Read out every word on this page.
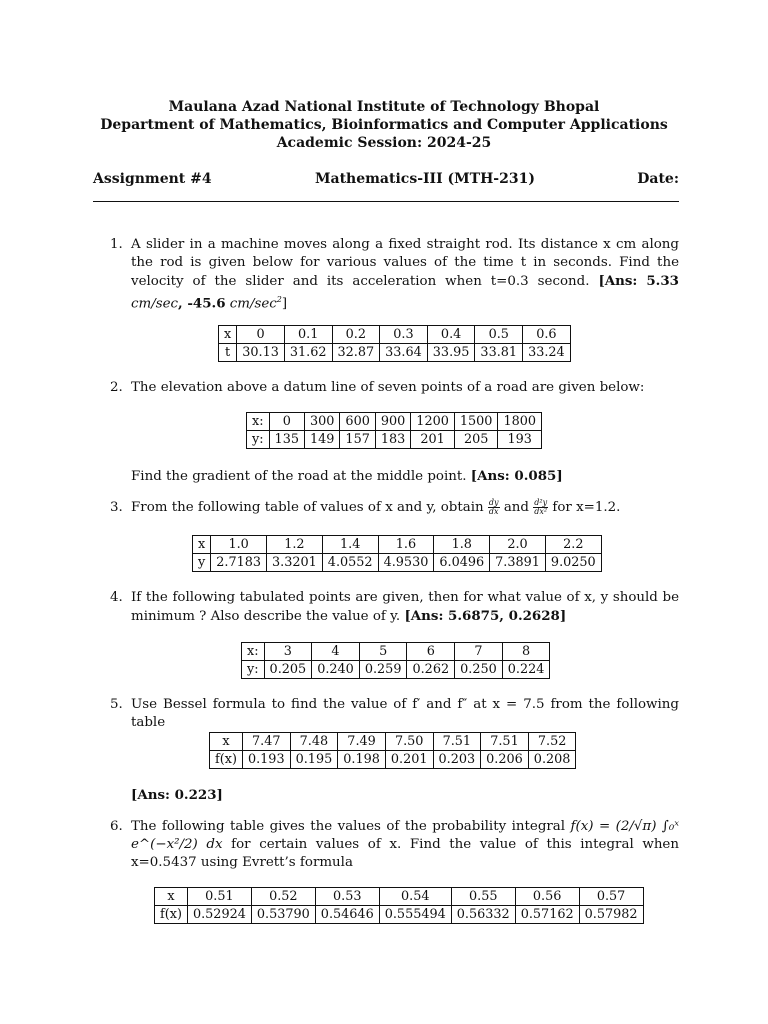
Maulana Azad National Institute of Technology Bhopal
Department of Mathematics, Bioinformatics and Computer Applications
Academic Session: 2024-25
Assignment #4	Mathematics-III (MTH-231)	Date:
1. A slider in a machine moves along a fixed straight rod. Its distance x cm along the rod is given below for various values of the time t in seconds. Find the velocity of the slider and its acceleration when t=0.3 second. [Ans: 5.33 cm/sec, -45.6 $cm/\sec^2$]
x	0	0.1	0.2	0.3	0.4	0.5	0.6
t	30.13	31.62	32.87	33.64	33.95	33.81	33.24
2. The elevation above a datum line of seven points of a road are given below:
x:	0	300	600	900	1200	1500	1800
y:	135	149	157	183	201	205	193
Find the gradient of the road at the middle point. [Ans: 0.085]
3. From the following table of values of x and y, obtain $\frac{dy}{dx}$ and $\frac{\text{d²y}}{\text{dx²}}$ for x=1.2.
x	1.0	1.2	1.4	1.6	1.8	2.0	2.2
y	2.7183	3.3201	4.0552	4.9530	6.0496	7.3891	9.0250
4. If the following tabulated points are given, then for what value of x, y should be minimum ? Also describe the value of y. [Ans: 5.6875, 0.2628]
x:	3	4	5	6	7	8
y:	0.205	0.240	0.259	0.262	0.250	0.224
5. Use Bessel formula to find the value of f′ and f″ at x = 7.5 from the following table
x	7.47	7.48	7.49	7.50	7.51	7.51	7.52
f(x)	0.193	0.195	0.198	0.201	0.203	0.206	0.208
[Ans: 0.223]
6. The following table gives the values of the probability integral f(x) = (2/√π) ∫₀ˣ e^(−x²/2) dx for certain values of x. Find the value of this integral when x=0.5437 using Evrett’s formula
x	0.51	0.52	0.53	0.54	0.55	0.56	0.57
f(x)	0.52924	0.53790	0.54646	0.555494	0.56332	0.57162	0.57982
